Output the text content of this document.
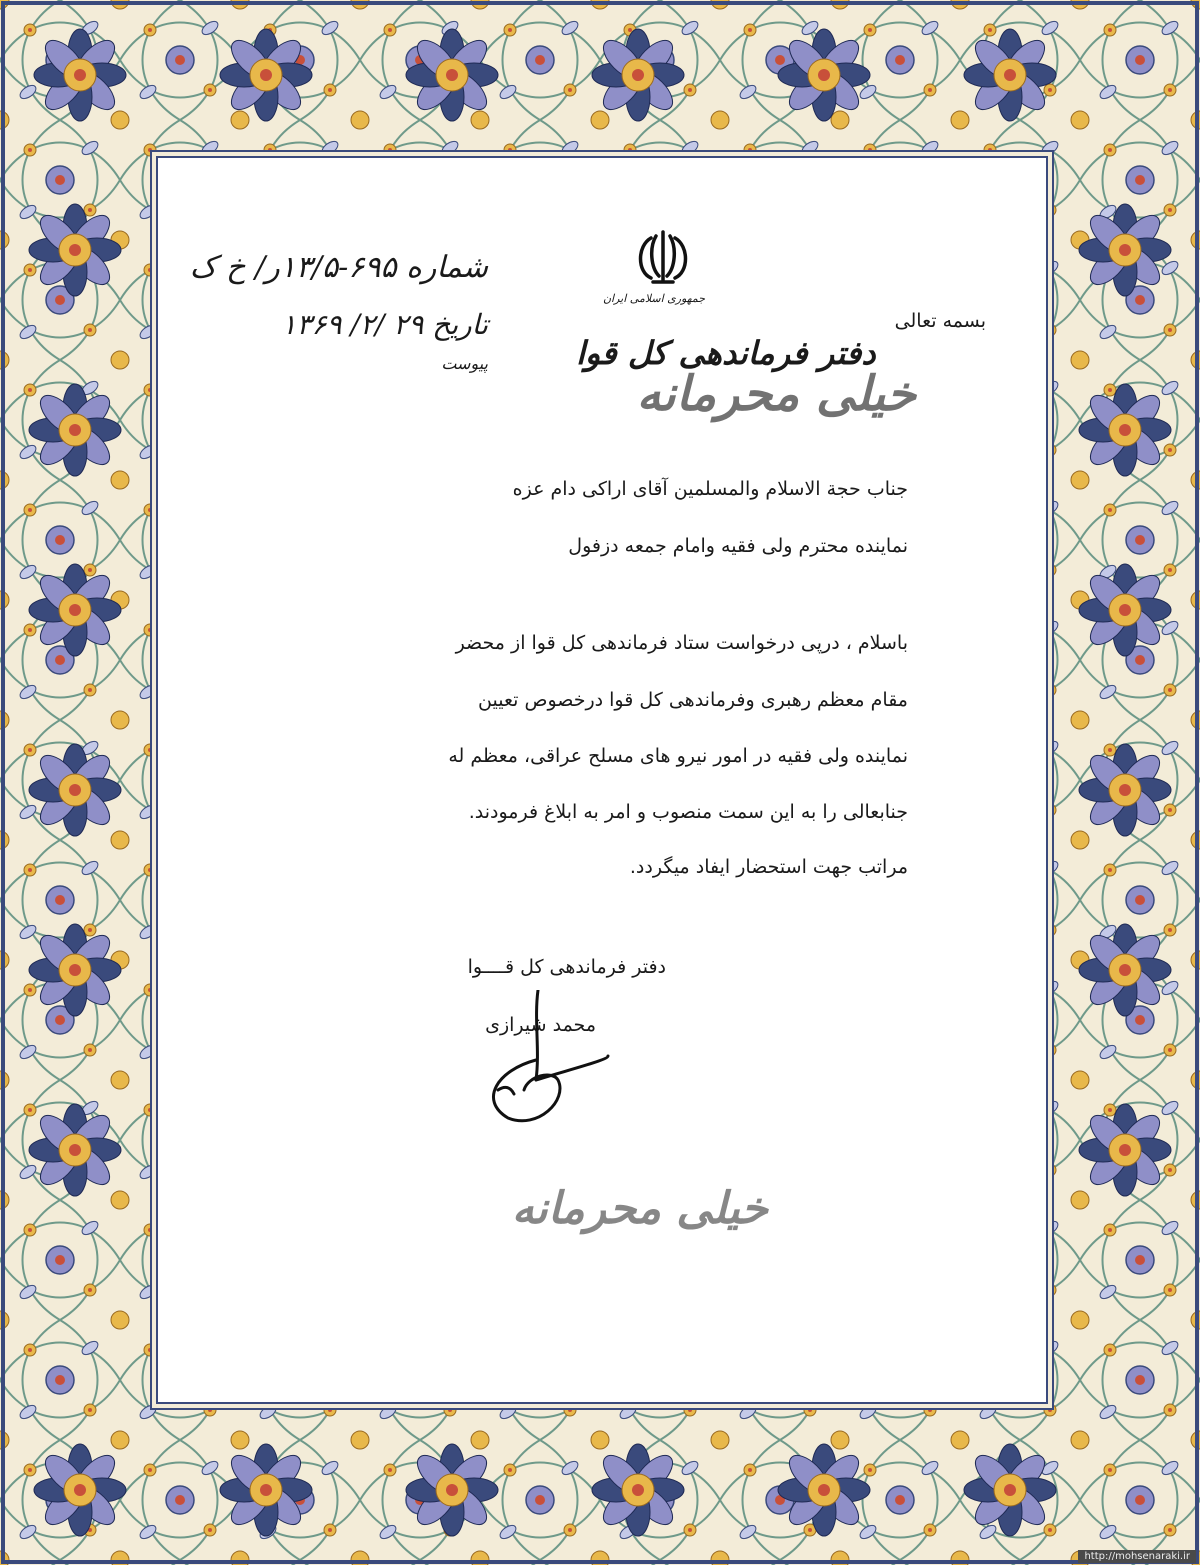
شماره ۶۹۵-۱۳/۵ر/ خ ک
تاریخ ۲۹ /۲/ ۱۳۶۹
پیوست
جمهوری اسلامی ایران
دفتر فرماندهی کل قوا
بسمه تعالی
خیلی محرمانه
جناب حجة الاسلام والمسلمین آقای اراکی دام عزه
نماینده محترم ولی فقیه وامام جمعه دزفول
باسلام ، درپی درخواست ستاد فرماندهی کل قوا از محضر
مقام معظم رهبری وفرماندهی کل قوا درخصوص تعیین
نماینده ولی فقیه در امور نیرو های مسلح عراقی، معظم له
جنابعالی را به این سمت منصوب و امر به ابلاغ فرمودند.
مراتب جهت استحضار ایفاد میگردد.
دفتر فرماندهی کل قــــوا
محمد شیرازی
خیلی محرمانه
http://mohsenaraki.ir
